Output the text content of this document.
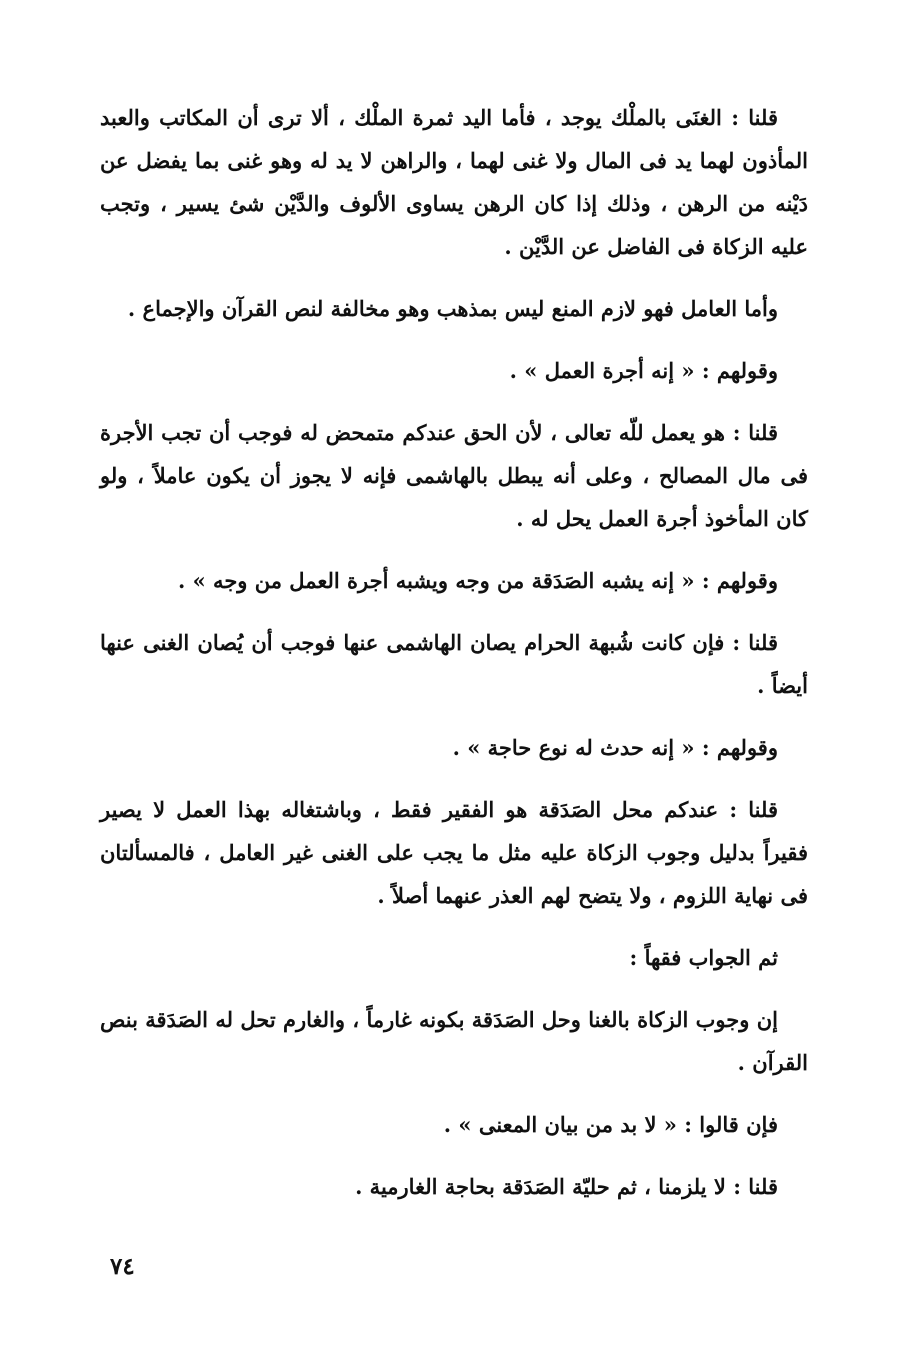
قلنا : الغنَى بالملْك يوجد ، فأما اليد ثمرة الملْك ، ألا ترى أن المكاتب والعبد المأذون لهما يد فى المال ولا غنى لهما ، والراهن لا يد له وهو غنى بما يفضل عن دَيْنه من الرهن ، وذلك إذا كان الرهن يساوى الألوف والدَّيْن شئ يسير ، وتجب عليه الزكاة فى الفاضل عن الدَّيْن .

وأما العامل فهو لازم المنع ليس بمذهب وهو مخالفة لنص القرآن والإجماع .

وقولهم : « إنه أجرة العمل » .

قلنا : هو يعمل للّه تعالى ، لأن الحق عندكم متمحض له فوجب أن تجب الأجرة فى مال المصالح ، وعلى أنه يبطل بالهاشمى فإنه لا يجوز أن يكون عاملاً ، ولو كان المأخوذ أجرة العمل يحل له .

وقولهم : « إنه يشبه الصَدَقة من وجه ويشبه أجرة العمل من وجه » .

قلنا : فإن كانت شُبهة الحرام يصان الهاشمى عنها فوجب أن يُصان الغنى عنها أيضاً .

وقولهم : « إنه حدث له نوع حاجة » .

قلنا : عندكم محل الصَدَقة هو الفقير فقط ، وباشتغاله بهذا العمل لا يصير فقيراً بدليل وجوب الزكاة عليه مثل ما يجب على الغنى غير العامل ، فالمسألتان فى نهاية اللزوم ، ولا يتضح لهم العذر عنهما أصلاً .

ثم الجواب فقهاً :

إن وجوب الزكاة بالغنا وحل الصَدَقة بكونه غارماً ، والغارم تحل له الصَدَقة بنص القرآن .

فإن قالوا : « لا بد من بيان المعنى » .

قلنا : لا يلزمنا ، ثم حليّة الصَدَقة بحاجة الغارمية .

٧٤
